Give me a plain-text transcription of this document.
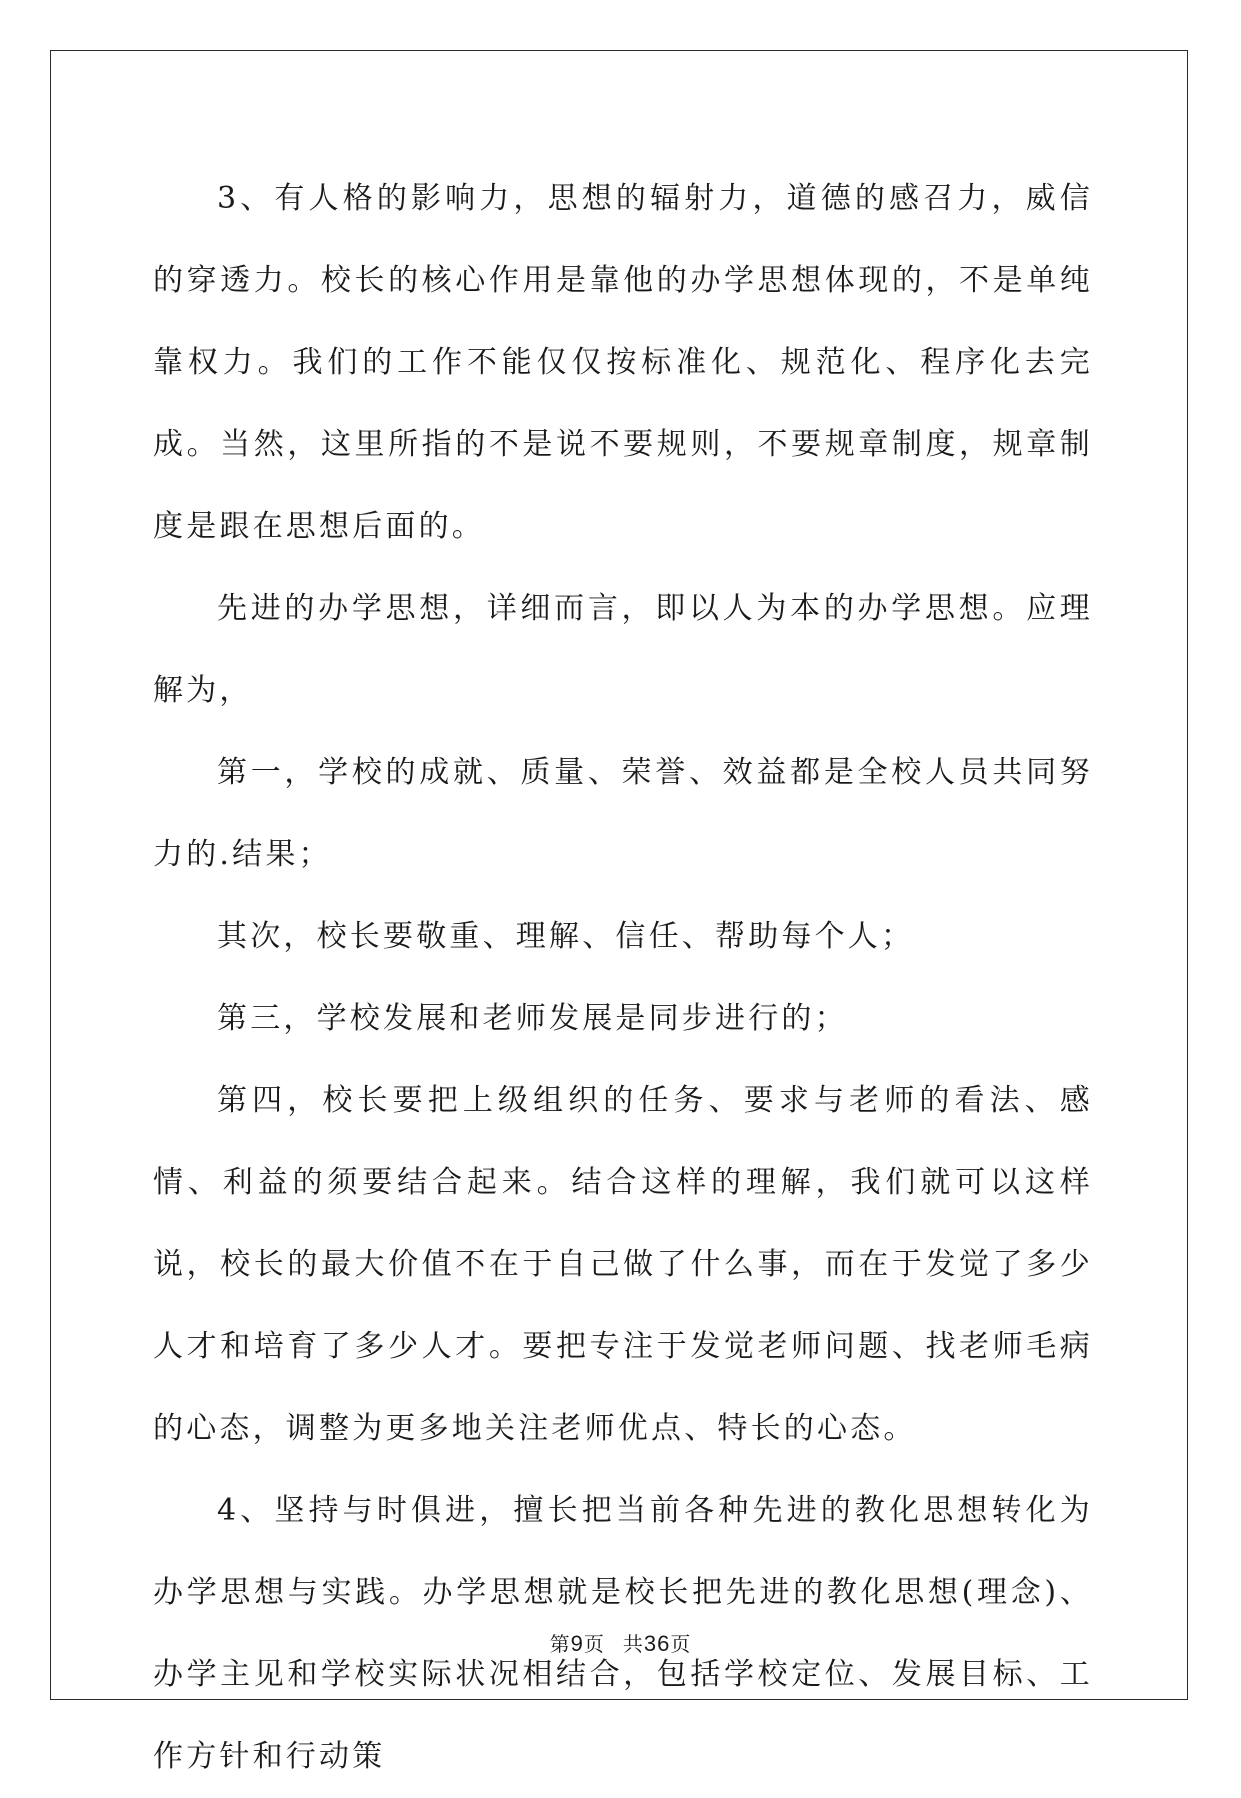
3、有人格的影响力，思想的辐射力，道德的感召力，威信的穿透力。校长的核心作用是靠他的办学思想体现的，不是单纯靠权力。我们的工作不能仅仅按标准化、规范化、程序化去完成。当然，这里所指的不是说不要规则，不要规章制度，规章制度是跟在思想后面的。

先进的办学思想，详细而言，即以人为本的办学思想。应理解为，

第一，学校的成就、质量、荣誉、效益都是全校人员共同努力的.结果；

其次，校长要敬重、理解、信任、帮助每个人；

第三，学校发展和老师发展是同步进行的；

第四，校长要把上级组织的任务、要求与老师的看法、感情、利益的须要结合起来。结合这样的理解，我们就可以这样说，校长的最大价值不在于自己做了什么事，而在于发觉了多少人才和培育了多少人才。要把专注于发觉老师问题、找老师毛病的心态，调整为更多地关注老师优点、特长的心态。

4、坚持与时俱进，擅长把当前各种先进的教化思想转化为办学思想与实践。办学思想就是校长把先进的教化思想(理念)、办学主见和学校实际状况相结合，包括学校定位、发展目标、工作方针和行动策

第9页 共36页
